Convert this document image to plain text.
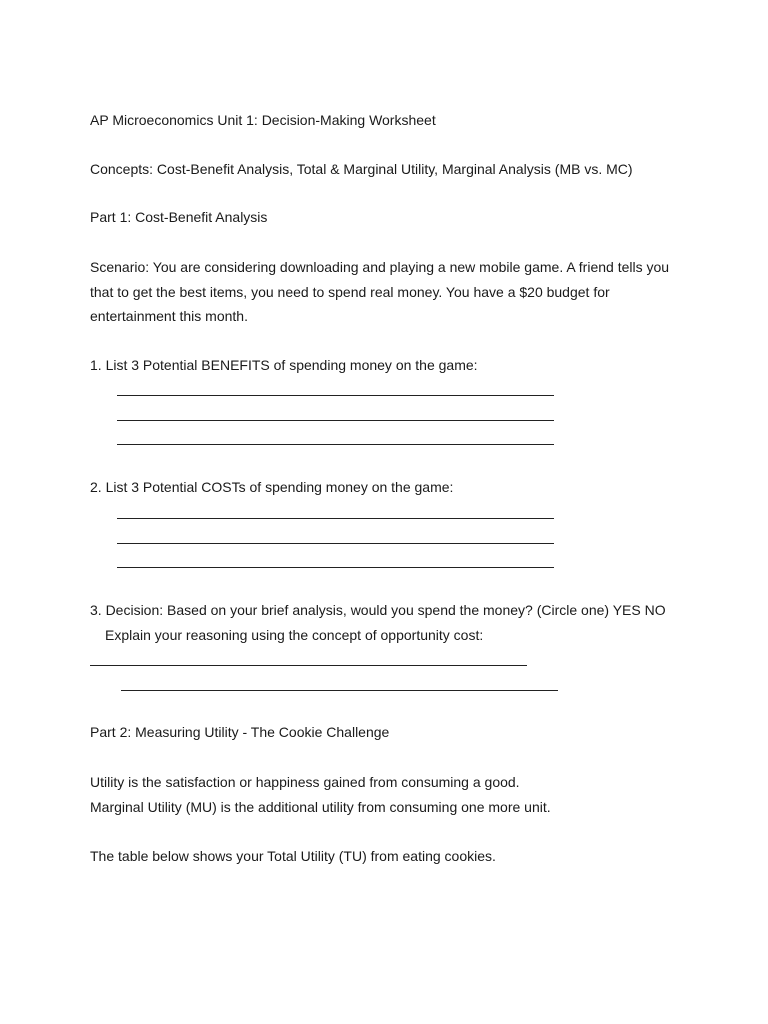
AP Microeconomics Unit 1: Decision-Making Worksheet
Concepts: Cost-Benefit Analysis, Total & Marginal Utility, Marginal Analysis (MB vs. MC)
Part 1: Cost-Benefit Analysis
Scenario: You are considering downloading and playing a new mobile game. A friend tells you
that to get the best items, you need to spend real money. You have a $20 budget for
entertainment this month.
1. List 3 Potential BENEFITS of spending money on the game:
2. List 3 Potential COSTs of spending money on the game:
3. Decision: Based on your brief analysis, would you spend the money? (Circle one) YES NO
Explain your reasoning using the concept of opportunity cost:
Part 2: Measuring Utility - The Cookie Challenge
Utility is the satisfaction or happiness gained from consuming a good.
Marginal Utility (MU) is the additional utility from consuming one more unit.
The table below shows your Total Utility (TU) from eating cookies.
